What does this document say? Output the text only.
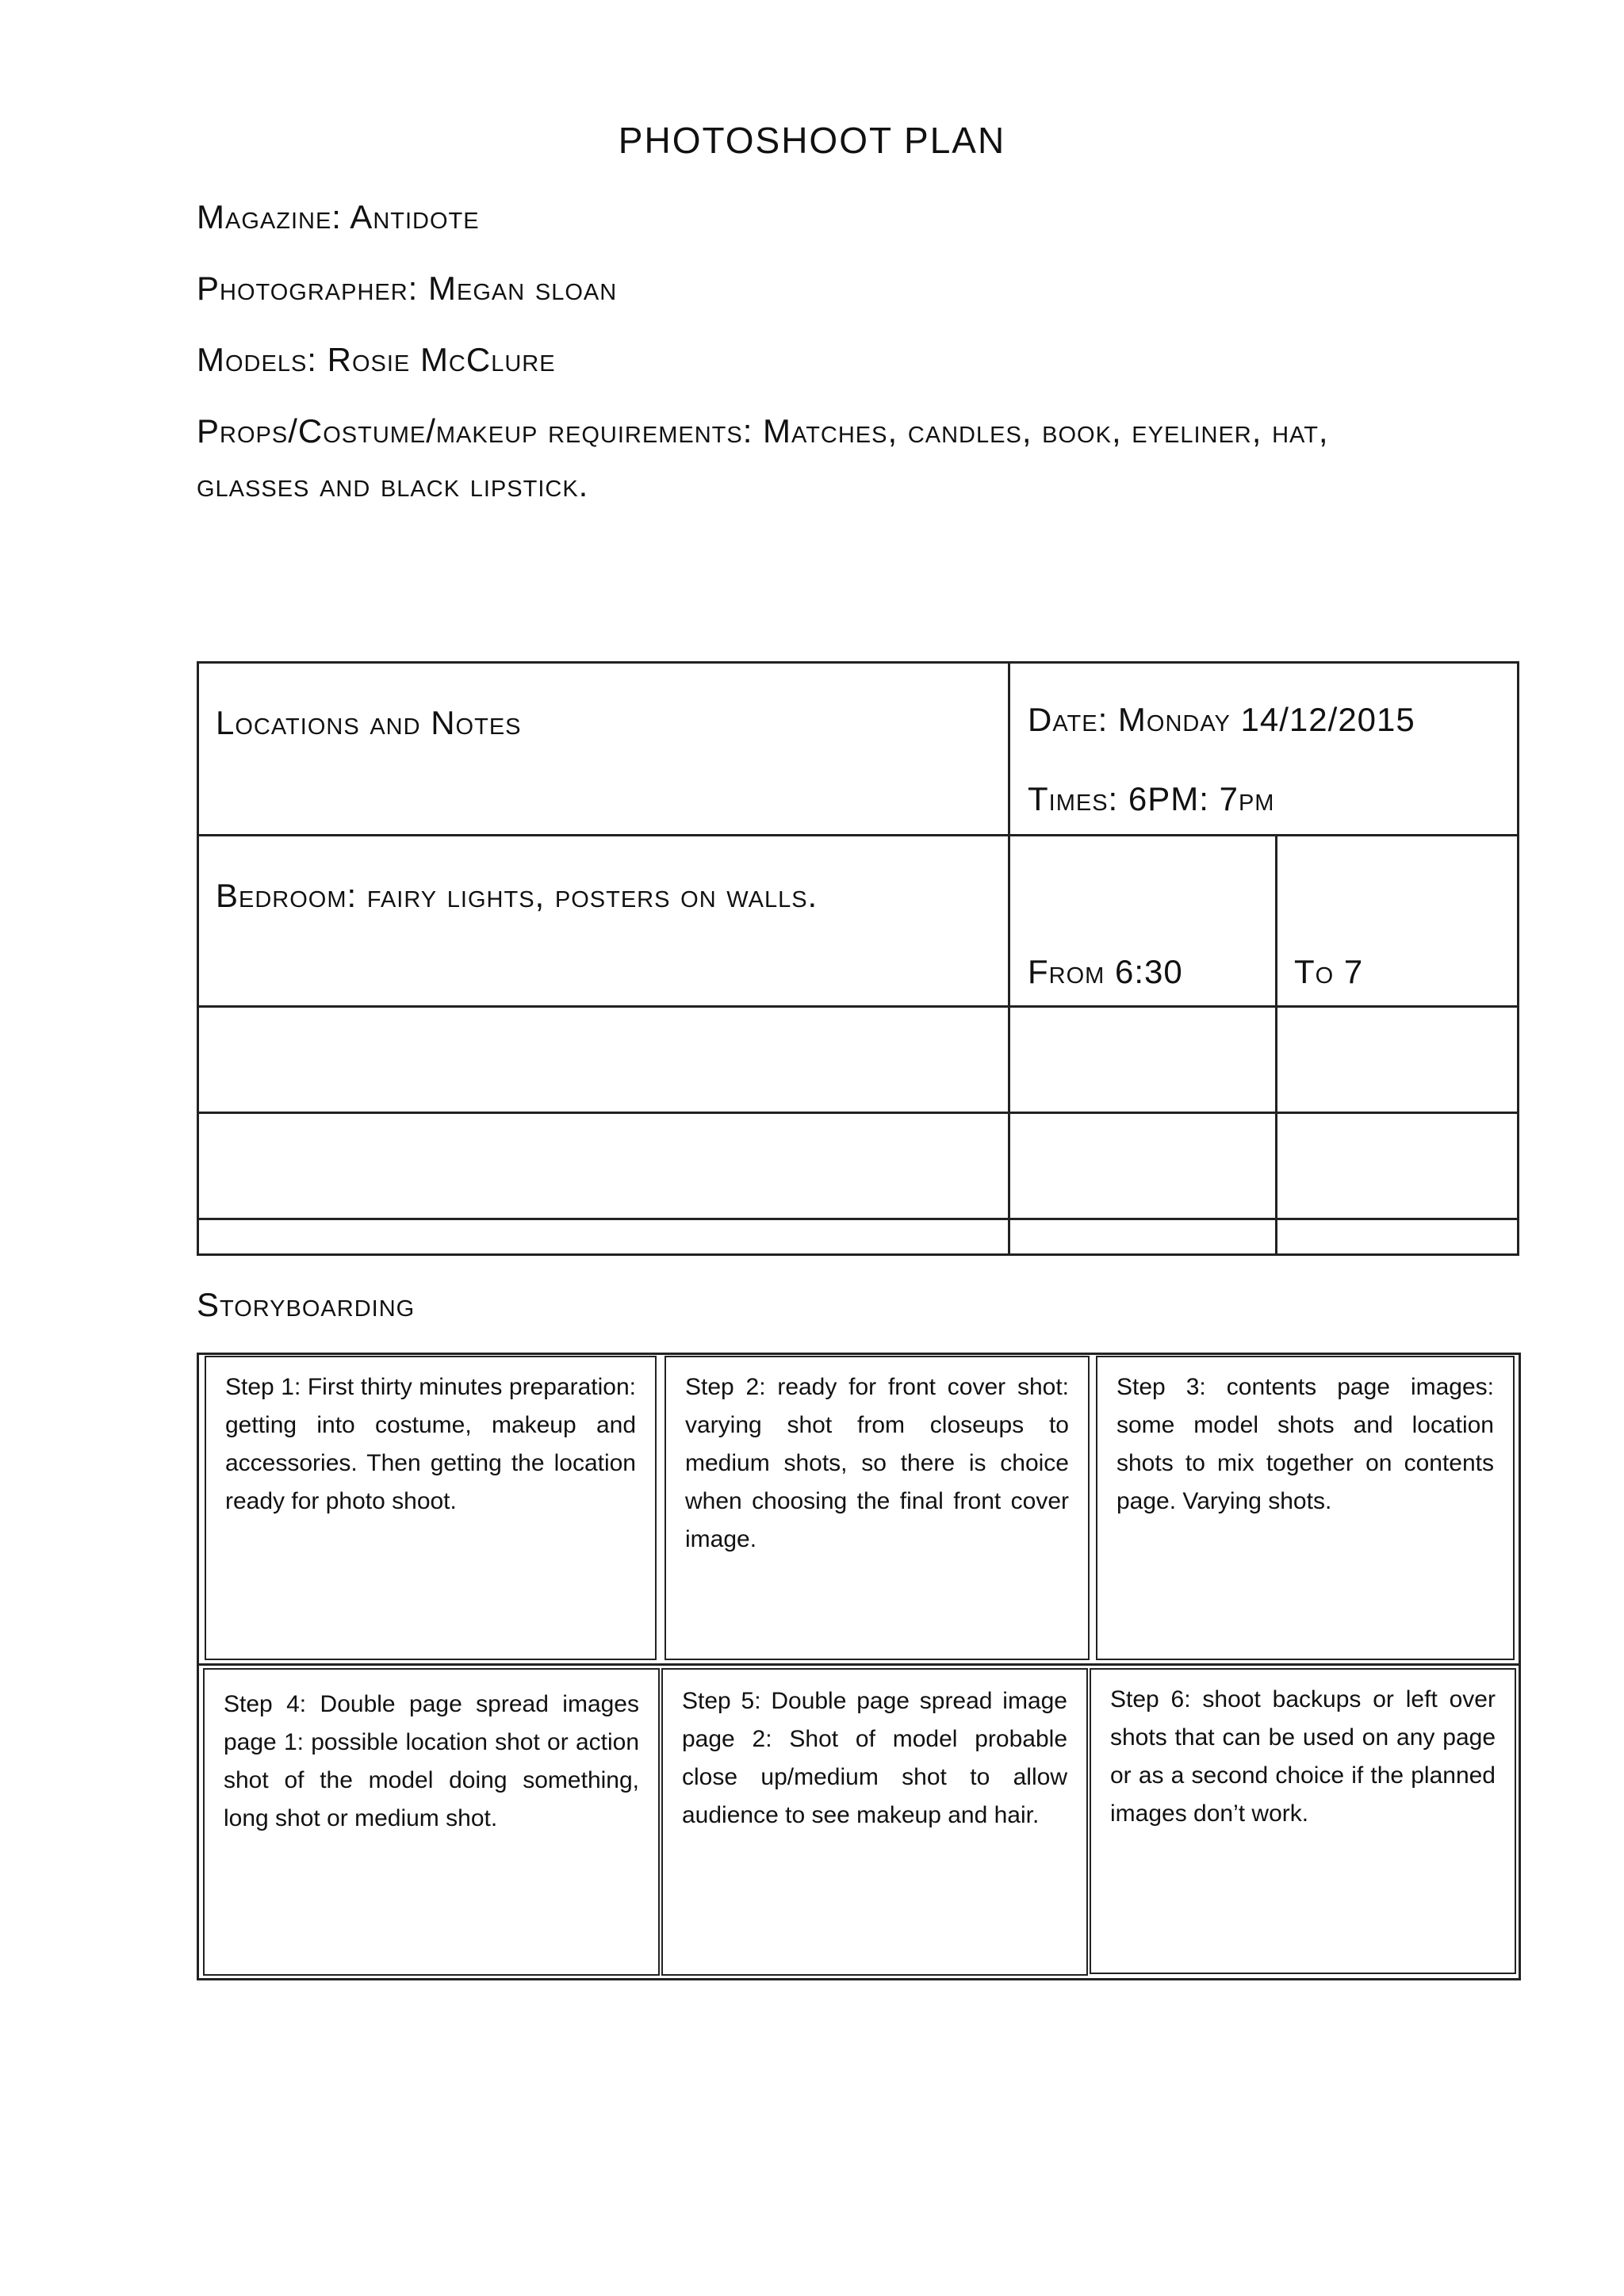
PHOTOSHOOT PLAN
Magazine: Antidote
Photographer: Megan sloan
Models: Rosie McClure
Props/Costume/makeup requirements: Matches, candles, book, eyeliner, hat,
glasses and black lipstick.
Locations and Notes	Date: Monday 14/12/2015
Times: 6PM: 7pm
Bedroom: fairy lights, posters on walls.
From 6:30	To 7
Storyboarding
Step 1: First thirty minutes preparation: getting into costume, makeup and accessories. Then getting the location ready for photo shoot.
Step 2: ready for front cover shot: varying shot from closeups to medium shots, so there is choice when choosing the final front cover image.
Step 3: contents page images: some model shots and location shots to mix together on contents page. Varying shots.
Step 4: Double page spread images page 1: possible location shot or action shot of the model doing something, long shot or medium shot.
Step 5: Double page spread image page 2: Shot of model probable close up/medium shot to allow audience to see makeup and hair.
Step 6: shoot backups or left over shots that can be used on any page or as a second choice if the planned images don’t work.
